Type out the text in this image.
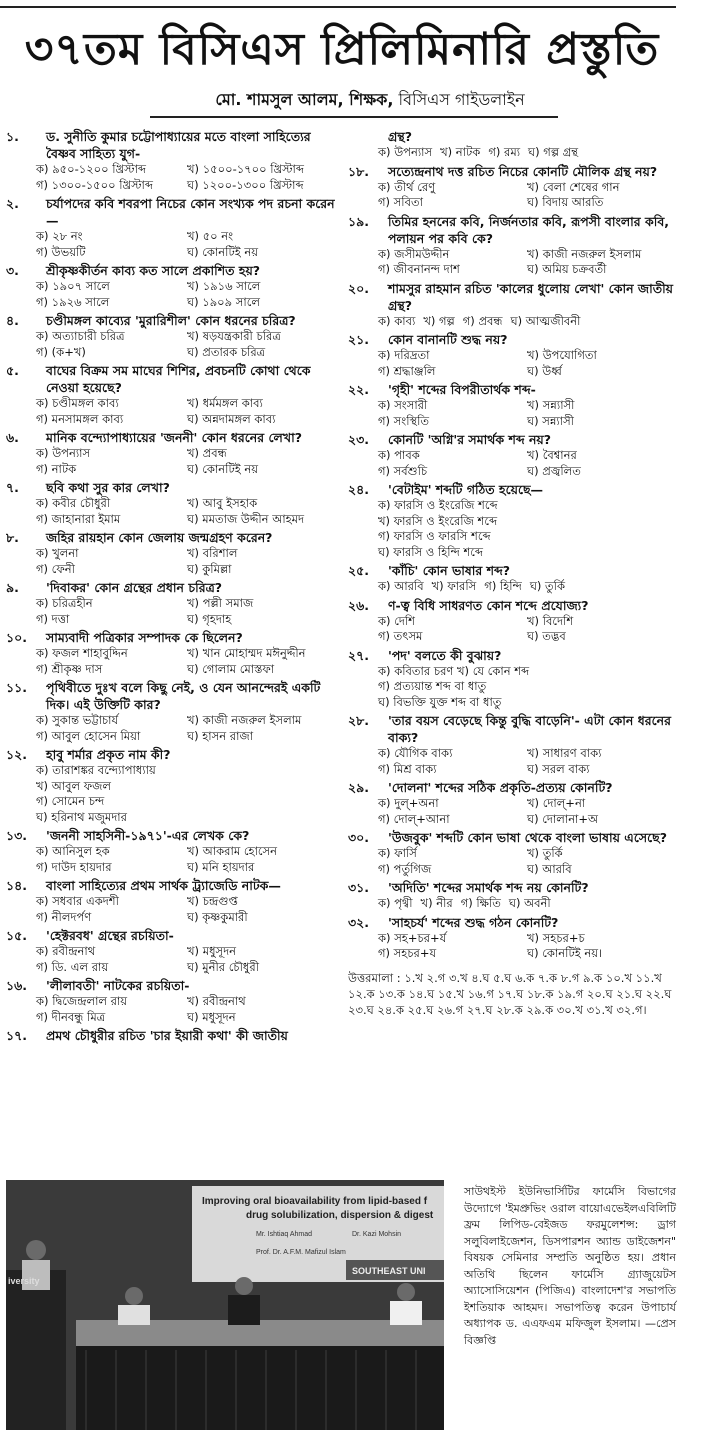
৩৭তম বিসিএস প্রিলিমিনারি প্রস্তুতি
মো. শামসুল আলম, শিক্ষক, বিসিএস গাইডলাইন
১.	ড. সুনীতি কুমার চট্টোপাধ্যায়ের মতে বাংলা সাহিত্যের বৈষ্ণব সাহিত্য যুগ-
ক) ৯৫০-১২০০ খ্রিস্টাব্দ	খ) ১৫০০-১৭০০ খ্রিস্টাব্দ
গ) ১৩০০-১৫০০ খ্রিস্টাব্দ	ঘ) ১২০০-১৩০০ খ্রিস্টাব্দ
২.	চর্যাপদের কবি শবরপা নিচের কোন সংখ্যক পদ রচনা করেন—
ক) ২৮ নং	খ) ৫০ নং
গ) উভয়টি	ঘ) কোনটিই নয়
৩.	শ্রীকৃষ্ণকীর্তন কাব্য কত সালে প্রকাশিত হয়?
ক) ১৯০৭ সালে	খ) ১৯১৬ সালে
গ) ১৯২৬ সালে	ঘ) ১৯০৯ সালে
৪.	চণ্ডীমঙ্গল কাব্যের 'মুরারিশীল' কোন ধরনের চরিত্র?
ক) অত্যাচারী চরিত্র	খ) ষড়যন্ত্রকারী চরিত্র
গ) (ক+খ)	ঘ) প্রতারক চরিত্র
৫.	বাঘের বিক্রম সম মাঘের শিশির, প্রবচনটি কোথা থেকে নেওয়া হয়েছে?
ক) চণ্ডীমঙ্গল কাব্য	খ) ধর্মমঙ্গল কাব্য
গ) মনসামঙ্গল কাব্য	ঘ) অন্নদামঙ্গল কাব্য
৬.	মানিক বন্দ্যোপাধ্যায়ের 'জননী' কোন ধরনের লেখা?
ক) উপন্যাস	খ) প্রবন্ধ
গ) নাটক	ঘ) কোনটিই নয়
৭.	ছবি কথা সুর কার লেখা?
ক) কবীর চৌধুরী	খ) আবু ইসহাক
গ) জাহানারা ইমাম	ঘ) মমতাজ উদ্দীন আহমদ
৮.	জহির রায়হান কোন জেলায় জন্মগ্রহণ করেন?
ক) খুলনা	খ) বরিশাল
গ) ফেনী	ঘ) কুমিল্লা
৯.	'দিবাকর' কোন গ্রন্থের প্রধান চরিত্র?
ক) চরিত্রহীন	খ) পল্লী সমাজ
গ) দত্তা	ঘ) গৃহদাহ
১০.	সাম্যবাদী পত্রিকার সম্পাদক কে ছিলেন?
ক) ফজল শাহাবুদ্দিন	খ) খান মোহাম্মদ মঈনুদ্দীন
গ) শ্রীকৃষ্ণ দাস	ঘ) গোলাম মোস্তফা
১১.	পৃথিবীতে দুঃখ বলে কিছু নেই, ও যেন আনন্দেরই একটি দিক। এই উক্তিটি কার?
ক) সুকান্ত ভট্টাচার্য	খ) কাজী নজরুল ইসলাম
গ) আবুল হোসেন মিয়া	ঘ) হাসন রাজা
১২.	হাবু শর্মার প্রকৃত নাম কী?
ক) তারাশঙ্কর বন্দ্যোপাধ্যায়
খ) আবুল ফজল
গ) সোমেন চন্দ
ঘ) হরিনাথ মজুমদার
১৩.	'জননী সাহসিনী-১৯৭১'-এর লেখক কে?
ক) আনিসুল হক	খ) আকরাম হোসেন
গ) দাউদ হায়দার	ঘ) মনি হায়দার
১৪.	বাংলা সাহিত্যের প্রথম সার্থক ট্র্যাজেডি নাটক—
ক) সধবার একদশী	খ) চন্দ্রগুপ্ত
গ) নীলদর্পণ	ঘ) কৃষ্ণকুমারী
১৫.	'হেক্টরবধ' গ্রন্থের রচয়িতা-
ক) রবীন্দ্রনাথ	খ) মধুসূদন
গ) ডি. এল রায়	ঘ) মুনীর চৌধুরী
১৬.	'লীলাবতী' নাটকের রচয়িতা-
ক) দ্বিজেন্দ্রলাল রায়	খ) রবীন্দ্রনাথ
গ) দীনবন্ধু মিত্র	ঘ) মধুসূদন
১৭.	প্রমথ চৌধুরীর রচিত 'চার ইয়ারী কথা' কী জাতীয়
গ্রন্থ?
ক) উপন্যাস খ) নাটক গ) রম্য ঘ) গল্প গ্রন্থ
১৮.	সত্যেন্দ্রনাথ দত্ত রচিত নিচের কোনটি মৌলিক গ্রন্থ নয়?
ক) তীর্থ রেণু	খ) বেলা শেষের গান
গ) সবিতা	ঘ) বিদায় আরতি
১৯.	তিমির হননের কবি, নির্জনতার কবি, রূপসী বাংলার কবি, পলায়ন পর কবি কে?
ক) জসীমউদ্দীন	খ) কাজী নজরুল ইসলাম
গ) জীবনানন্দ দাশ	ঘ) অমিয় চক্রবর্তী
২০.	শামসুর রাহমান রচিত 'কালের ধুলোয় লেখা' কোন জাতীয় গ্রন্থ?
ক) কাব্য খ) গল্প গ) প্রবন্ধ ঘ) আত্মজীবনী
২১.	কোন বানানটি শুদ্ধ নয়?
ক) দরিদ্রতা	খ) উপযোগিতা
গ) শ্রদ্ধাঞ্জলি	ঘ) উর্ধ্ব
২২.	'গৃহী' শব্দের বিপরীতার্থক শব্দ-
ক) সংসারী	খ) সন্ন্যাসী
গ) সংস্থিতি	ঘ) সন্ন্যাসী
২৩.	কোনটি 'অগ্নি'র সমার্থক শব্দ নয়?
ক) পাবক	খ) বৈশ্বানর
গ) সর্বশুচি	ঘ) প্রজ্বলিত
২৪.	'বেটাইম' শব্দটি গঠিত হয়েছে—
ক) ফারসি ও ইংরেজি শব্দে
খ) ফারসি ও ইংরেজি শব্দে
গ) ফারসি ও ফারসি শব্দে
ঘ) ফারসি ও হিন্দি শব্দে
২৫.	'কাঁচি' কোন ভাষার শব্দ?
ক) আরবি খ) ফারসি গ) হিন্দি ঘ) তুর্কি
২৬.	ণ-ত্ব বিধি সাধরণত কোন শব্দে প্রযোজ্য?
ক) দেশি	খ) বিদেশি
গ) তৎসম	ঘ) তদ্ভব
২৭.	'পদ' বলতে কী বুঝায়?
ক) কবিতার চরণ খ) যে কোন শব্দ
গ) প্রত্যয়ান্ত শব্দ বা ধাতু
ঘ) বিভক্তি যুক্ত শব্দ বা ধাতু
২৮.	'তার বয়স বেড়েছে কিন্তু বুদ্ধি বাড়েনি'- এটা কোন ধরনের বাক্য?
ক) যৌগিক বাক্য	খ) সাধারণ বাক্য
গ) মিশ্র বাক্য	ঘ) সরল বাক্য
২৯.	'দোলনা' শব্দের সঠিক প্রকৃতি-প্রত্যয় কোনটি?
ক) দুল্+অনা	খ) দোল্+না
গ) দোল্+আনা	ঘ) দোলানা+অ
৩০.	'উজবুক' শব্দটি কোন ভাষা থেকে বাংলা ভাষায় এসেছে?
ক) ফার্সি	খ) তুর্কি
গ) পর্তুগিজ	ঘ) আরবি
৩১.	'অদিতি' শব্দের সমার্থক শব্দ নয় কোনটি?
ক) পৃথ্বী খ) নীর গ) ক্ষিতি ঘ) অবনী
৩২.	'সাহচর্য' শব্দের শুদ্ধ গঠন কোনটি?
ক) সহ+চর+র্য	খ) সহচর+চ
গ) সহচর+য	ঘ) কোনটিই নয়।
উত্তরমালা : ১.খ ২.গ ৩.খ ৪.ঘ ৫.ঘ ৬.ক ৭.ক ৮.গ ৯.ক ১০.খ ১১.খ ১২.ক ১৩.ক ১৪.ঘ ১৫.খ ১৬.গ ১৭.ঘ ১৮.ক ১৯.গ ২০.ঘ ২১.ঘ ২২.ঘ ২৩.ঘ ২৪.ক ২৫.ঘ ২৬.গ ২৭.ঘ ২৮.ক ২৯.ক ৩০.খ ৩১.খ ৩২.গ।
Improving oral bioavailability from lipid-based f
drug solubilization, dispersion & digest
Mr. Ishtiaq Ahmad	Dr. Kazi Mohsin
Prof. Dr. A.F.M. Mafizul Islam
SOUTHEAST UNI
iversity
সাউথইস্ট ইউনিভার্সিটির ফার্মেসি বিভাগের উদ্যোগে 'ইমপ্রুভিং ওরাল বায়োএভেইলএবিলিটি ফ্রম লিপিড-বেইজড ফরমুলেশন্স: ড্রাগ সলুবিলাইজেশন, ডিসপারশন অ্যান্ড ডাইজেশন" বিষয়ক সেমিনার সম্প্রতি অনুষ্ঠিত হয়। প্রধান অতিথি ছিলেন ফার্মেসি গ্র্যাজুয়েটস অ্যাসোসিয়েশন (পিজিএ) বাংলাদেশ'র সভাপতি ইশতিয়াক আহমদ। সভাপতিত্ব করেন উপাচার্য অধ্যাপক ড. এএফএম মফিজুল ইসলাম। —প্রেস বিজ্ঞপ্তি
